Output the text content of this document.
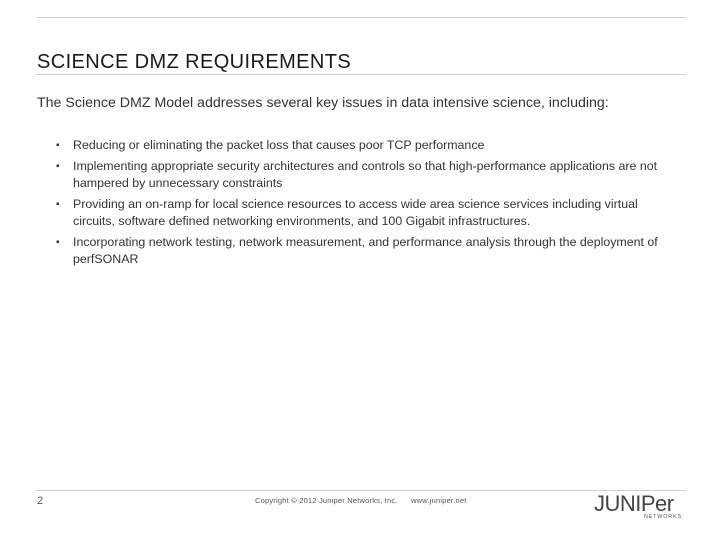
SCIENCE DMZ REQUIREMENTS

The Science DMZ Model addresses several key issues in data intensive science, including:

▪ Reducing or eliminating the packet loss that causes poor TCP performance
▪ Implementing appropriate security architectures and controls so that high-performance applications are not hampered by unnecessary constraints
▪ Providing an on-ramp for local science resources to access wide area science services including virtual circuits, software defined networking environments, and 100 Gigabit infrastructures.
▪ Incorporating network testing, network measurement, and performance analysis through the deployment of perfSONAR
2	Copyright © 2012 Juniper Networks, Inc. www.juniper.net	JUNIPer
NETWORKS
